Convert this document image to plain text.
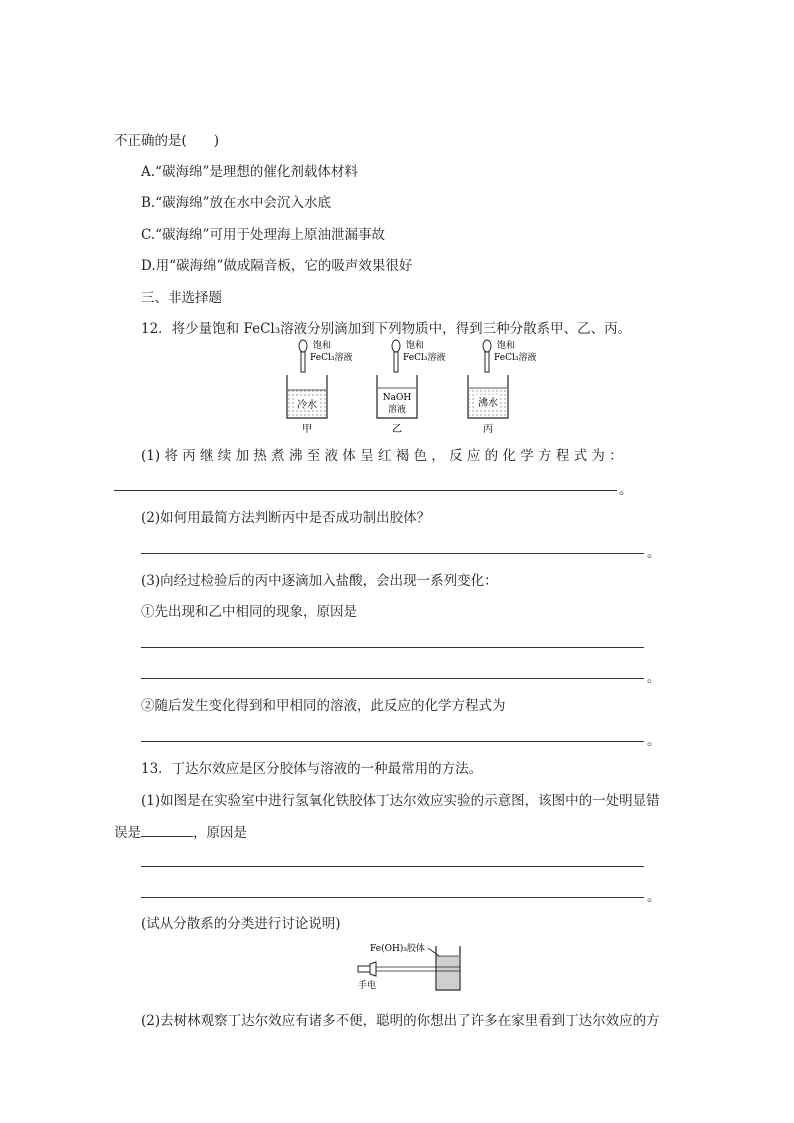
不正确的是(　　)
A.“碳海绵”是理想的催化剂载体材料
B.“碳海绵”放在水中会沉入水底
C.“碳海绵”可用于处理海上原油泄漏事故
D.用“碳海绵”做成隔音板，它的吸声效果很好
三、非选择题
12．将少量饱和 FeCl₃溶液分别滴加到下列物质中，得到三种分散系甲、乙、丙。
饱和
FeCl₃溶液
冷水
甲
饱和
FeCl₃溶液
NaOH
溶液
乙
饱和
FeCl₃溶液
沸水
丙
(1) 将 丙 继 续 加 热 煮 沸 至 液 体 呈 红 褐 色 ， 反 应 的 化 学 方 程 式 为 ：
。
(2)如何用最简方法判断丙中是否成功制出胶体？
。
(3)向经过检验后的丙中逐滴加入盐酸，会出现一系列变化：
①先出现和乙中相同的现象，原因是
。
②随后发生变化得到和甲相同的溶液，此反应的化学方程式为
。
13．丁达尔效应是区分胶体与溶液的一种最常用的方法。
(1)如图是在实验室中进行氢氧化铁胶体丁达尔效应实验的示意图，该图中的一处明显错
误是	，原因是
。
(试从分散系的分类进行讨论说明)
Fe(OH)₃胶体
手电
(2)去树林观察丁达尔效应有诸多不便，聪明的你想出了许多在家里看到丁达尔效应的方
